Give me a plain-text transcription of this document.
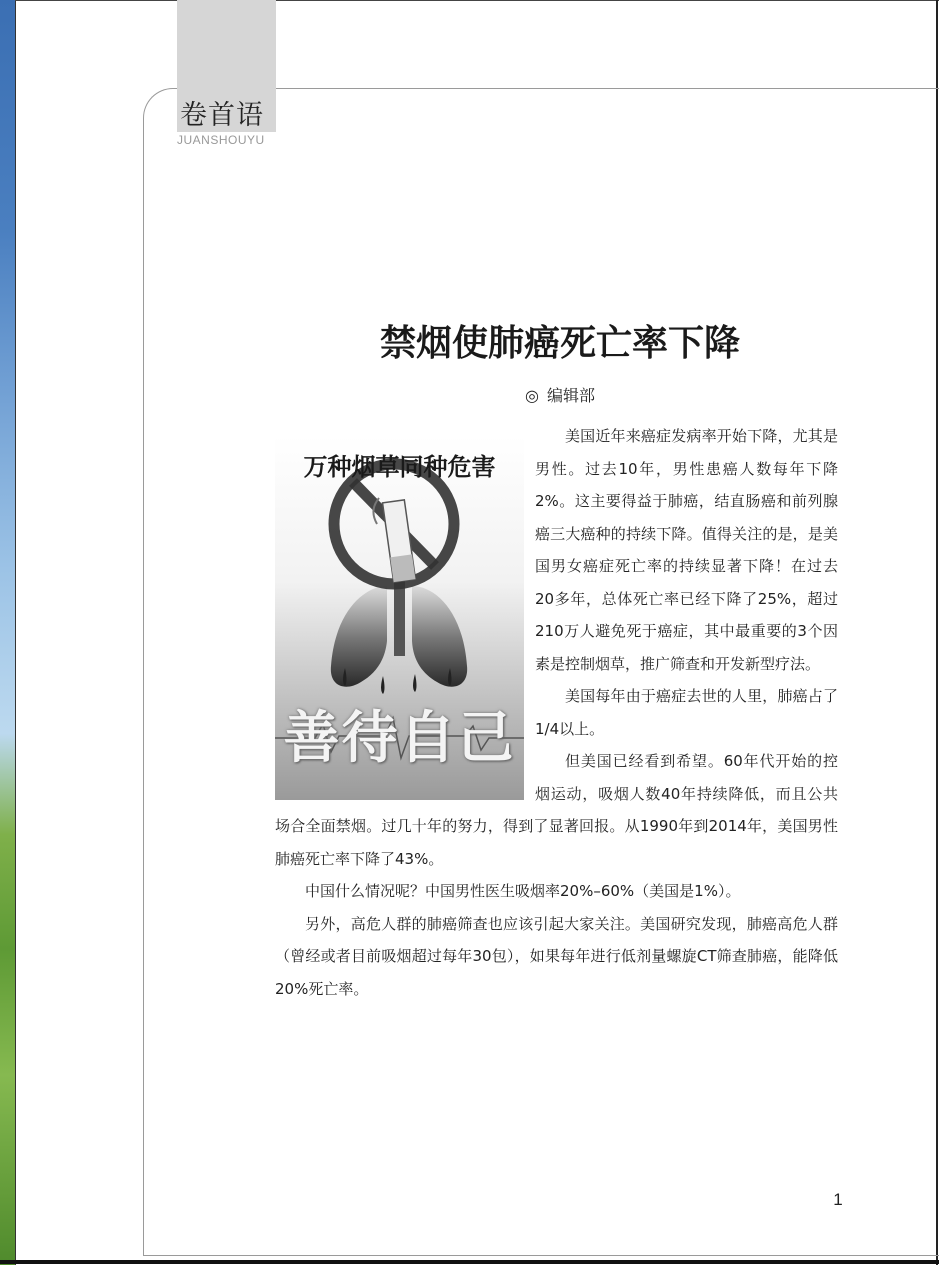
卷首语
JUANSHOUYU
禁烟使肺癌死亡率下降
◎ 编辑部
万种烟草同种危害
善待自己

美国近年来癌症发病率开始下降，尤其是男性。过去10年，男性患癌人数每年下降2%。这主要得益于肺癌，结直肠癌和前列腺癌三大癌种的持续下降。值得关注的是，是美国男女癌症死亡率的持续显著下降！在过去20多年，总体死亡率已经下降了25%，超过210万人避免死于癌症，其中最重要的3个因素是控制烟草，推广筛查和开发新型疗法。

美国每年由于癌症去世的人里，肺癌占了1/4以上。

但美国已经看到希望。60年代开始的控烟运动，吸烟人数40年持续降低，而且公共场合全面禁烟。过几十年的努力，得到了显著回报。从1990年到2014年，美国男性肺癌死亡率下降了43%。

中国什么情况呢？中国男性医生吸烟率20%–60%（美国是1%）。

另外，高危人群的肺癌筛查也应该引起大家关注。美国研究发现，肺癌高危人群（曾经或者目前吸烟超过每年30包），如果每年进行低剂量螺旋CT筛查肺癌，能降低20%死亡率。

1
